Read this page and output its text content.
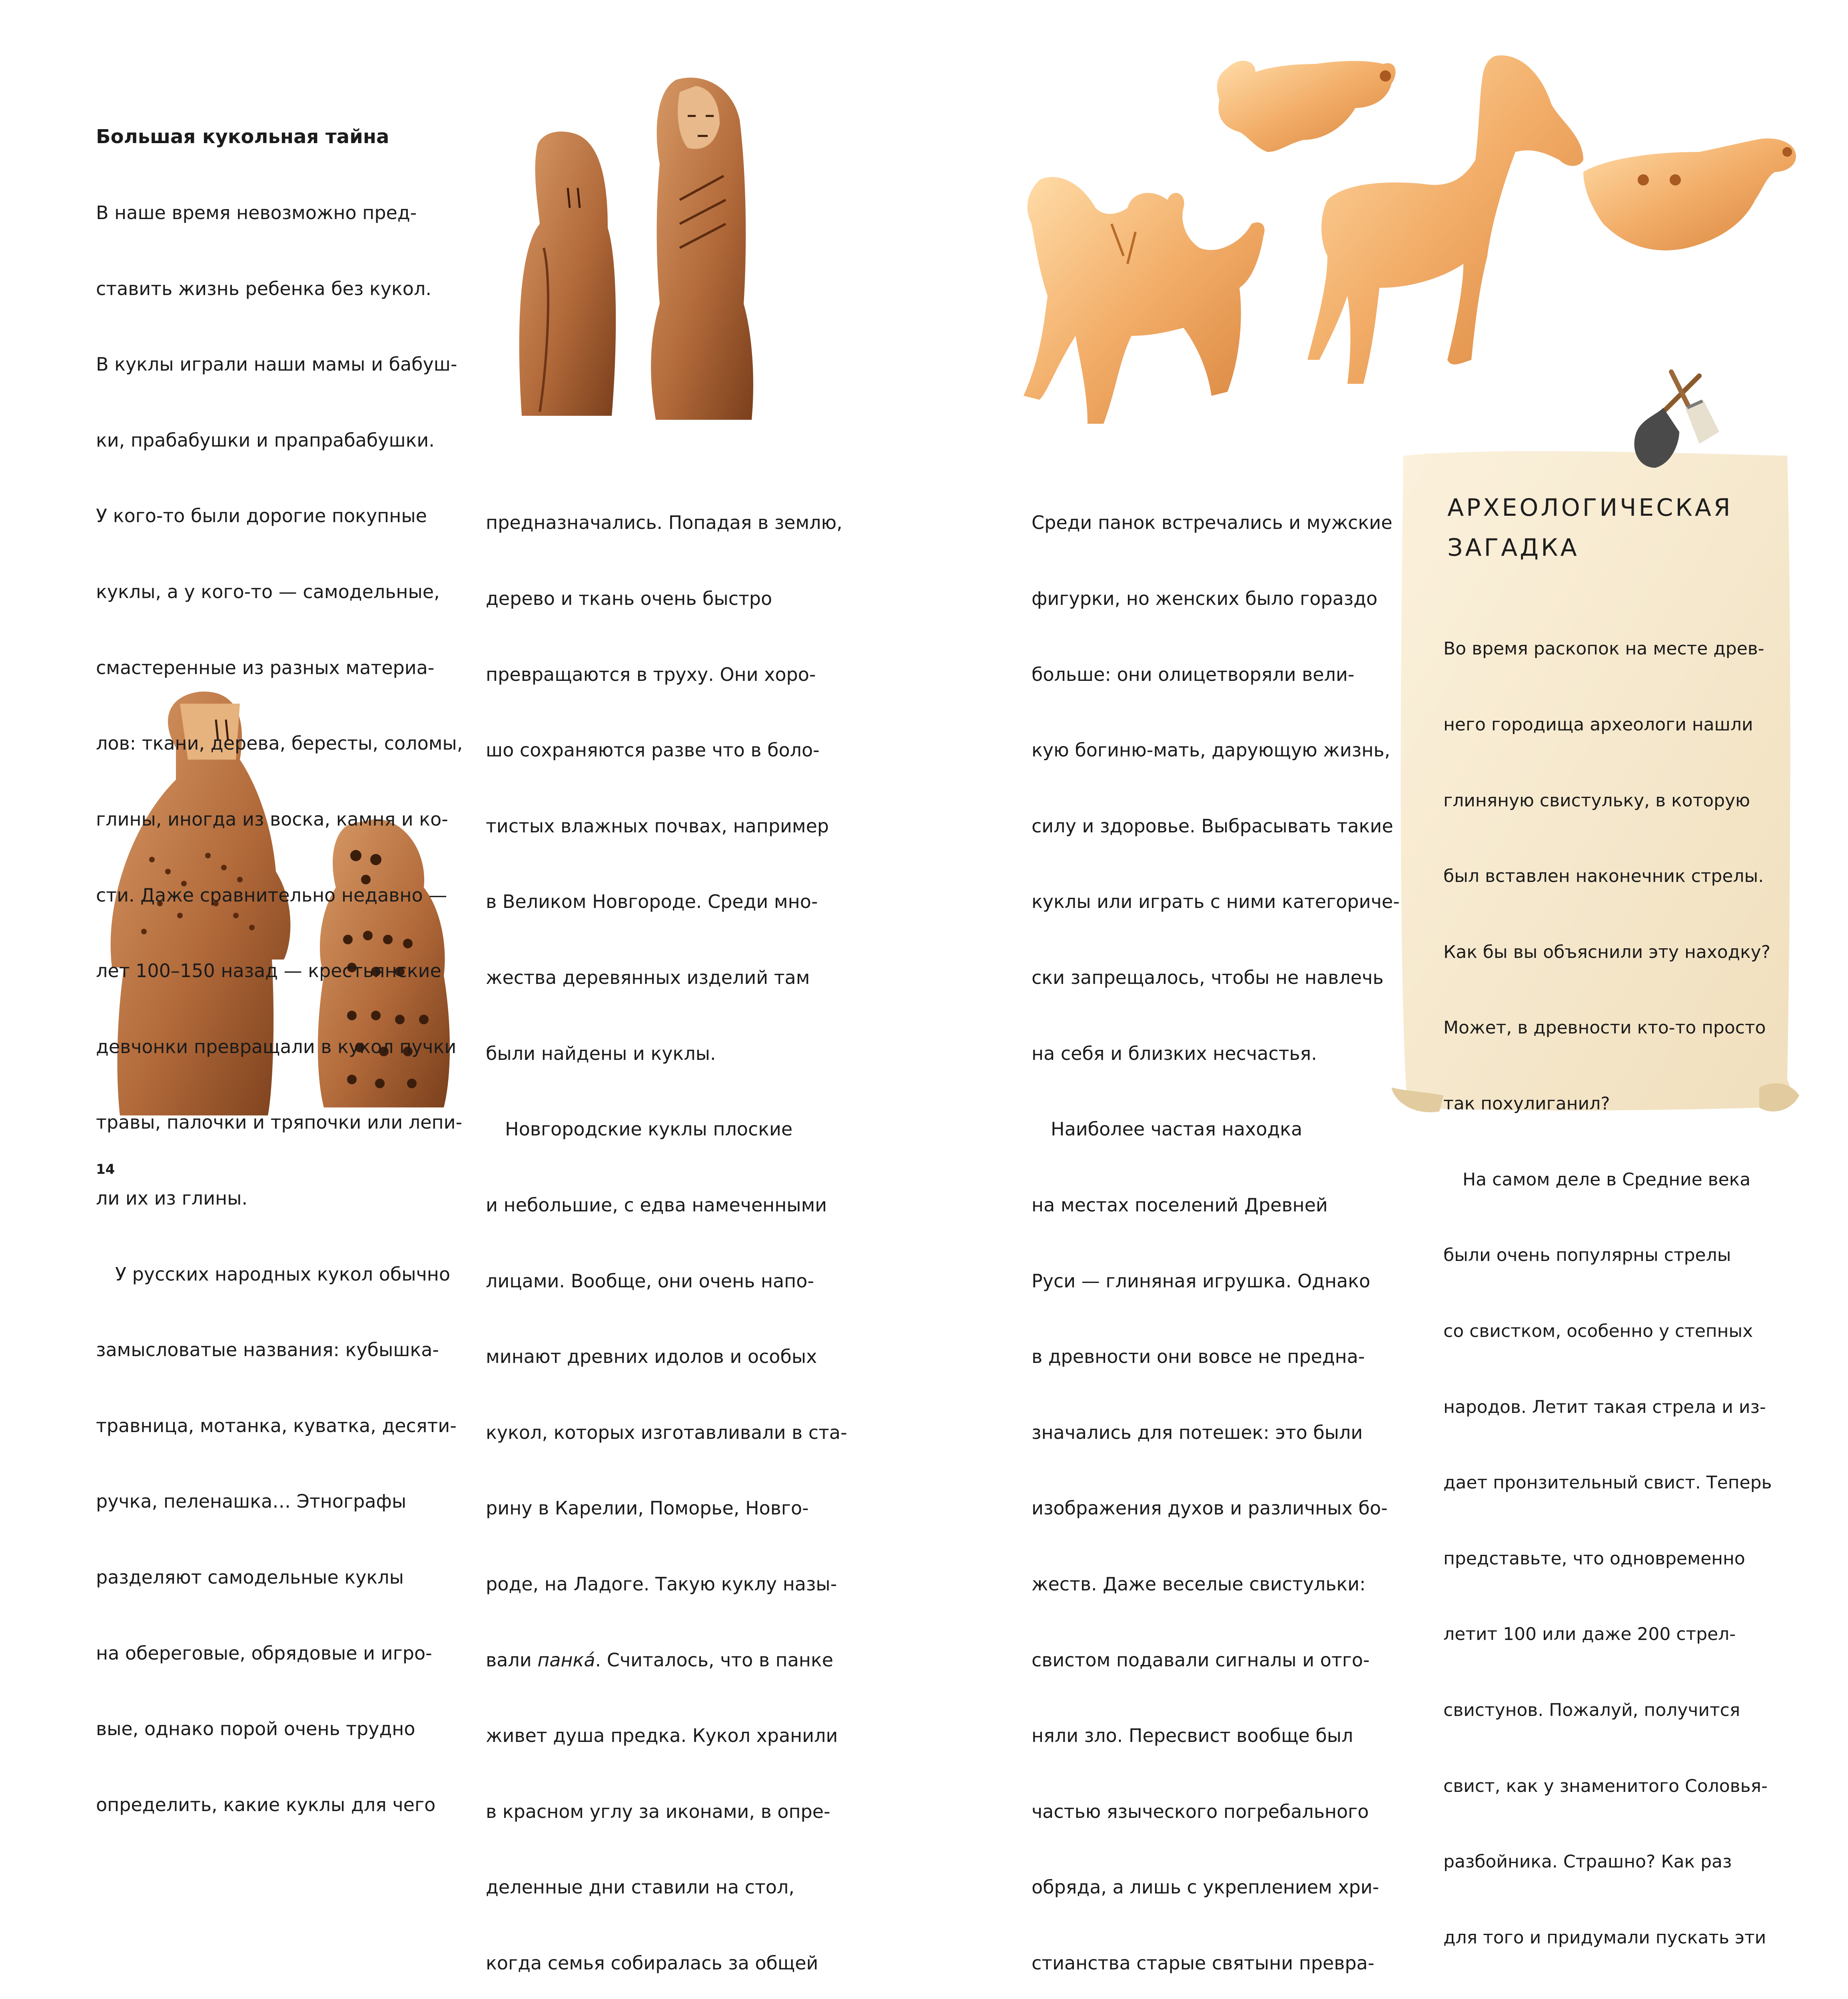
Большая кукольная тайна

В наше время невозможно пред-

ставить жизнь ребенка без кукол.

В куклы играли наши мамы и бабуш-

ки, прабабушки и прапрабабушки.

У кого-то были дорогие покупные

куклы, а у кого-то — самодельные,

смастеренные из разных материа-

лов: ткани, дерева, бересты, соломы,

глины, иногда из воска, камня и ко-

сти. Даже сравнительно недавно —

лет 100–150 назад — крестьянские

девчонки превращали в кукол пучки

травы, палочки и тряпочки или лепи-

ли их из глины.

У русских народных кукол обычно

замысловатые названия: кубышка-

травница, мотанка, куватка, десяти-

ручка, пеленашка… Этнографы

разделяют самодельные куклы

на обереговые, обрядовые и игро-

вые, однако порой очень трудно

определить, какие куклы для чего

предназначались. Попадая в землю,

дерево и ткань очень быстро

превращаются в труху. Они хоро-

шо сохраняются разве что в боло-

тистых влажных почвах, например

в Великом Новгороде. Среди мно-

жества деревянных изделий там

были найдены и куклы.

Новгородские куклы плоские

и небольшие, с едва намеченными

лицами. Вообще, они очень напо-

минают древних идолов и особых

кукол, которых изготавливали в ста-

рину в Карелии, Поморье, Новго-

роде, на Ладоге. Такую куклу назы-

вали панка́. Считалось, что в панке

живет душа предка. Кукол хранили

в красном углу за иконами, в опре-

деленные дни ставили на стол,

когда семья собиралась за общей

Среди панок встречались и мужские

фигурки, но женских было гораздо

больше: они олицетворяли вели-

кую богиню-мать, дарующую жизнь,

силу и здоровье. Выбрасывать такие

куклы или играть с ними категориче-

ски запрещалось, чтобы не навлечь

на себя и близких несчастья.

Наиболее частая находка

на местах поселений Древней

Руси — глиняная игрушка. Однако

в древности они вовсе не предна-

значались для потешек: это были

изображения духов и различных бо-

жеств. Даже веселые свистульки:

свистом подавали сигналы и отго-

няли зло. Пересвист вообще был

частью языческого погребального

обряда, а лишь с укреплением хри-

стианства старые святыни превра-

АРХЕОЛОГИЧЕСКАЯ
ЗАГАДКА

Во время раскопок на месте древ-

него городища археологи нашли

глиняную свистульку, в которую

был вставлен наконечник стрелы.

Как бы вы объяснили эту находку?

Может, в древности кто-то просто

так похулиганил?

На самом деле в Средние века

были очень популярны стрелы

со свистком, особенно у степных

народов. Летит такая стрела и из-

дает пронзительный свист. Теперь

представьте, что одновременно

летит 100 или даже 200 стрел-

свистунов. Пожалуй, получится

свист, как у знаменитого Соловья-

разбойника. Страшно? Как раз

для того и придумали пускать эти

14
